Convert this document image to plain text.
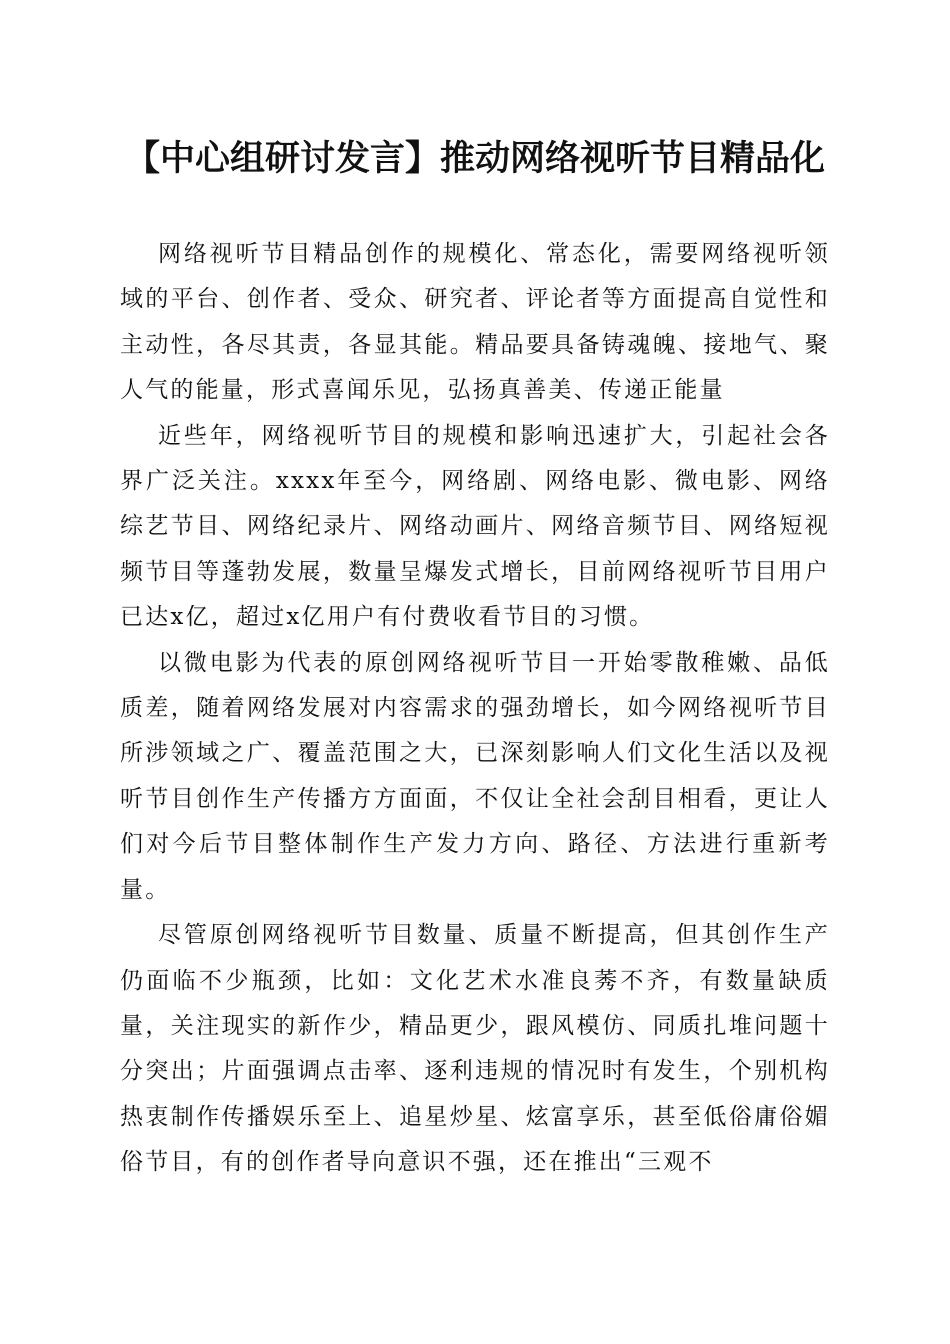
【中心组研讨发言】推动网络视听节目精品化

网络视听节目精品创作的规模化、常态化，需要网络视听领域的平台、创作者、受众、研究者、评论者等方面提高自觉性和主动性，各尽其责，各显其能。精品要具备铸魂魄、接地气、聚人气的能量，形式喜闻乐见，弘扬真善美、传递正能量

近些年，网络视听节目的规模和影响迅速扩大，引起社会各界广泛关注。xxxx年至今，网络剧、网络电影、微电影、网络综艺节目、网络纪录片、网络动画片、网络音频节目、网络短视频节目等蓬勃发展，数量呈爆发式增长，目前网络视听节目用户已达x亿，超过x亿用户有付费收看节目的习惯。

以微电影为代表的原创网络视听节目一开始零散稚嫩、品低质差，随着网络发展对内容需求的强劲增长，如今网络视听节目所涉领域之广、覆盖范围之大，已深刻影响人们文化生活以及视听节目创作生产传播方方面面，不仅让全社会刮目相看，更让人们对今后节目整体制作生产发力方向、路径、方法进行重新考量。

尽管原创网络视听节目数量、质量不断提高，但其创作生产仍面临不少瓶颈，比如：文化艺术水准良莠不齐，有数量缺质量，关注现实的新作少，精品更少，跟风模仿、同质扎堆问题十分突出；片面强调点击率、逐利违规的情况时有发生，个别机构热衷制作传播娱乐至上、追星炒星、炫富享乐，甚至低俗庸俗媚俗节目，有的创作者导向意识不强，还在推出“三观不
